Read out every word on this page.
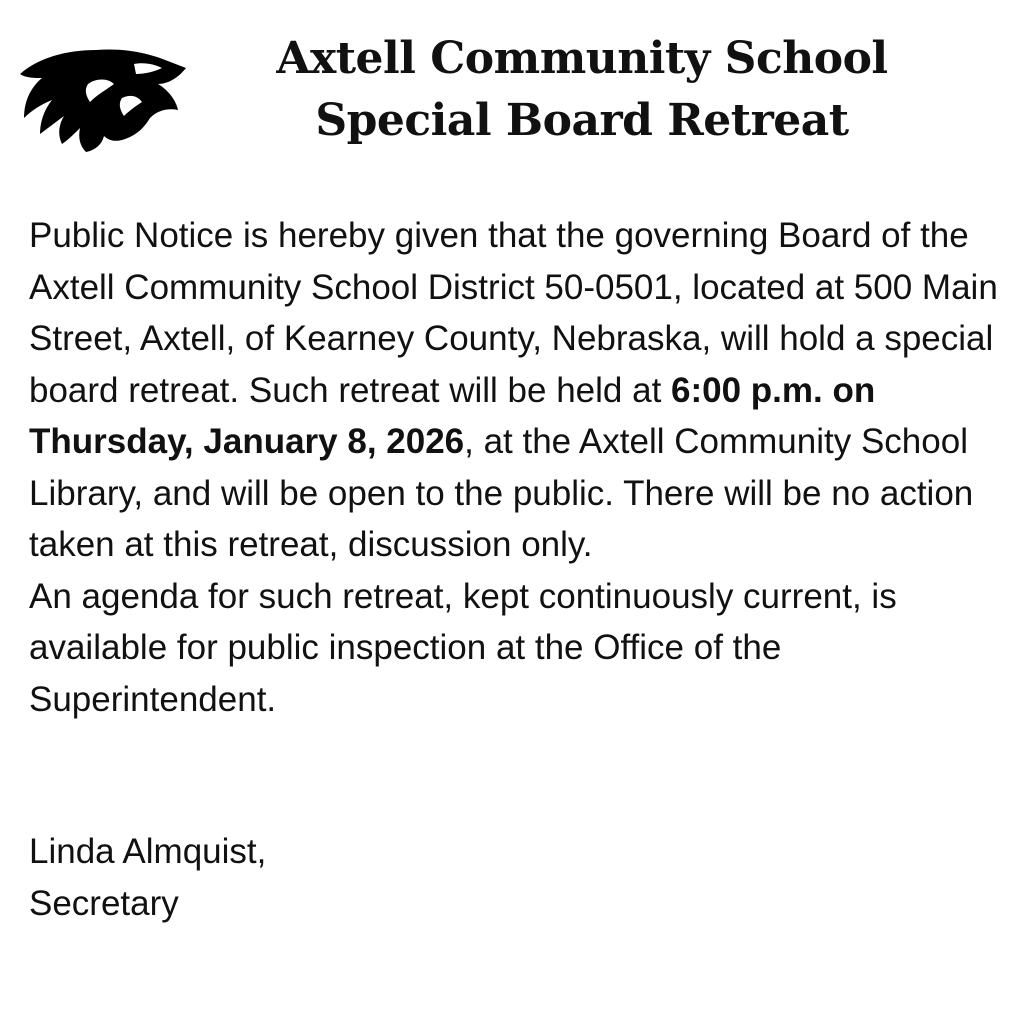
Axtell Community School
Special Board Retreat

Public Notice is hereby given that the governing Board of the Axtell Community School District 50-0501, located at 500 Main Street, Axtell, of Kearney County, Nebraska, will hold a special board retreat. Such retreat will be held at 6:00 p.m. on Thursday, January 8, 2026, at the Axtell Community School Library, and will be open to the public. There will be no action taken at this retreat, discussion only.

An agenda for such retreat, kept continuously current, is available for public inspection at the Office of the Superintendent.

Linda Almquist,
Secretary
